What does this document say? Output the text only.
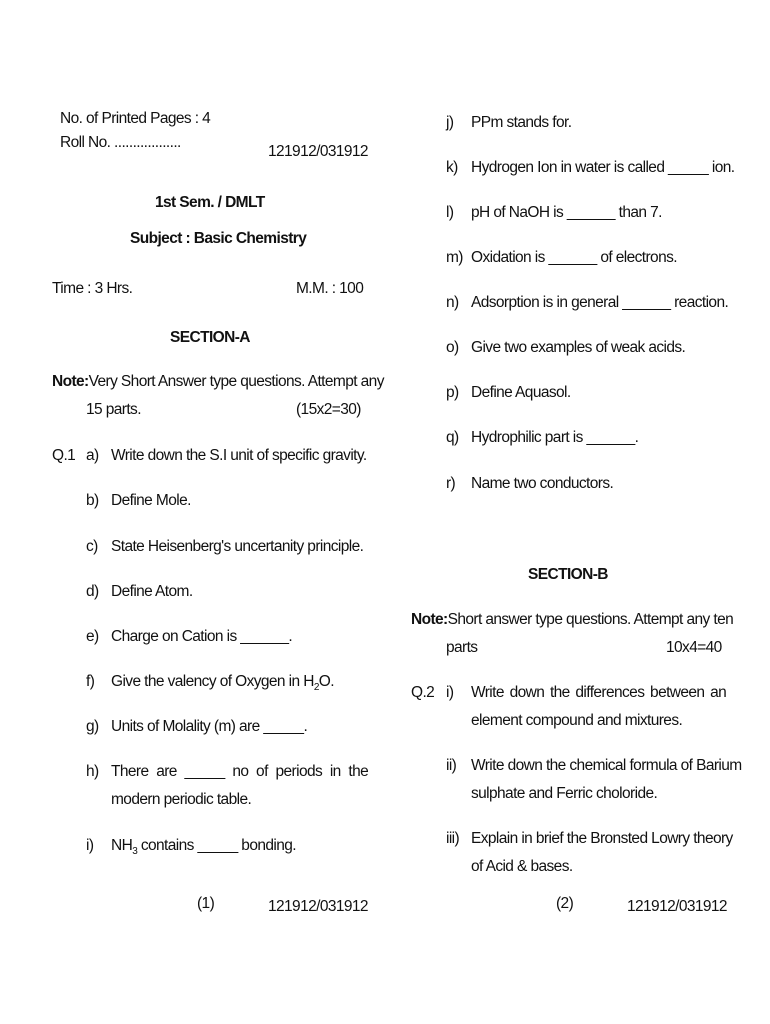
No. of Printed Pages : 4
Roll No. ..................
121912/031912
1st Sem. / DMLT
Subject : Basic Chemistry
Time : 3 Hrs.	M.M. : 100
SECTION-A
Note:Very Short Answer type questions. Attempt any
15 parts.	(15x2=30)
Q.1 a) Write down the S.I unit of specific gravity.
b) Define Mole.
c) State Heisenberg's uncertanity principle.
d) Define Atom.
e) Charge on Cation is ______.
f) Give the valency of Oxygen in $H_2O$.
g) Units of Molality (m) are _____.
h) There are _____ no of periods in the
modern periodic table.
i) $NH_3$ contains _____ bonding.
(1)	121912/031912
j) PPm stands for.
k) Hydrogen Ion in water is called _____ ion.
l) pH of NaOH is ______ than 7.
m) Oxidation is ______ of electrons.
n) Adsorption is in general ______ reaction.
o) Give two examples of weak acids.
p) Define Aquasol.
q) Hydrophilic part is ______.
r) Name two conductors.
SECTION-B
Note:Short answer type questions. Attempt any ten
parts	10x4=40
Q.2 i) Write down the differences between an
element compound and mixtures.
ii) Write down the chemical formula of Barium
sulphate and Ferric choloride.
iii) Explain in brief the Bronsted Lowry theory
of Acid & bases.
(2)	121912/031912
